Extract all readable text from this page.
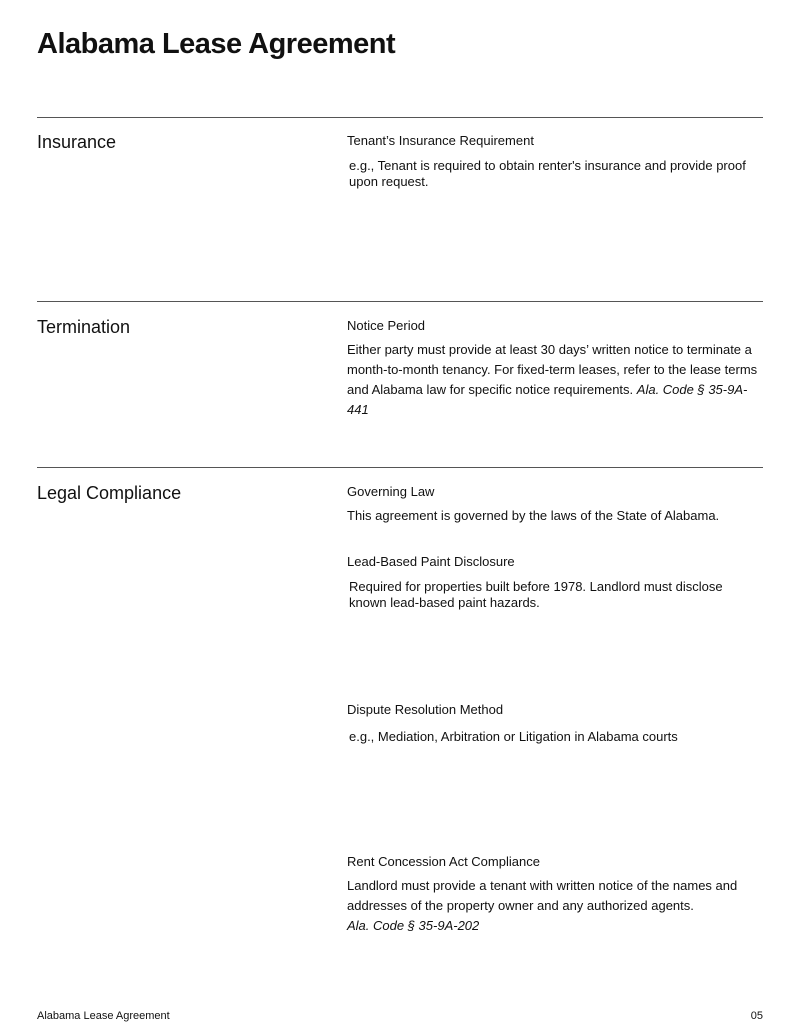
Alabama Lease Agreement
Insurance	Tenant’s Insurance Requirement
e.g., Tenant is required to obtain renter's insurance and provide proof upon request.
Termination	Notice Period

Either party must provide at least 30 days’ written notice to terminate a month-to-month tenancy. For fixed-term leases, refer to the lease terms and Alabama law for specific notice requirements. Ala. Code § 35-9A-441

Legal Compliance	Governing Law

This agreement is governed by the laws of the State of Alabama.

Lead-Based Paint Disclosure
Required for properties built before 1978. Landlord must disclose known lead-based paint hazards.
Dispute Resolution Method
e.g., Mediation, Arbitration or Litigation in Alabama courts
Rent Concession Act Compliance

Landlord must provide a tenant with written notice of the names and addresses of the property owner and any authorized agents.
Ala. Code § 35-9A-202

Alabama Lease Agreement	05
